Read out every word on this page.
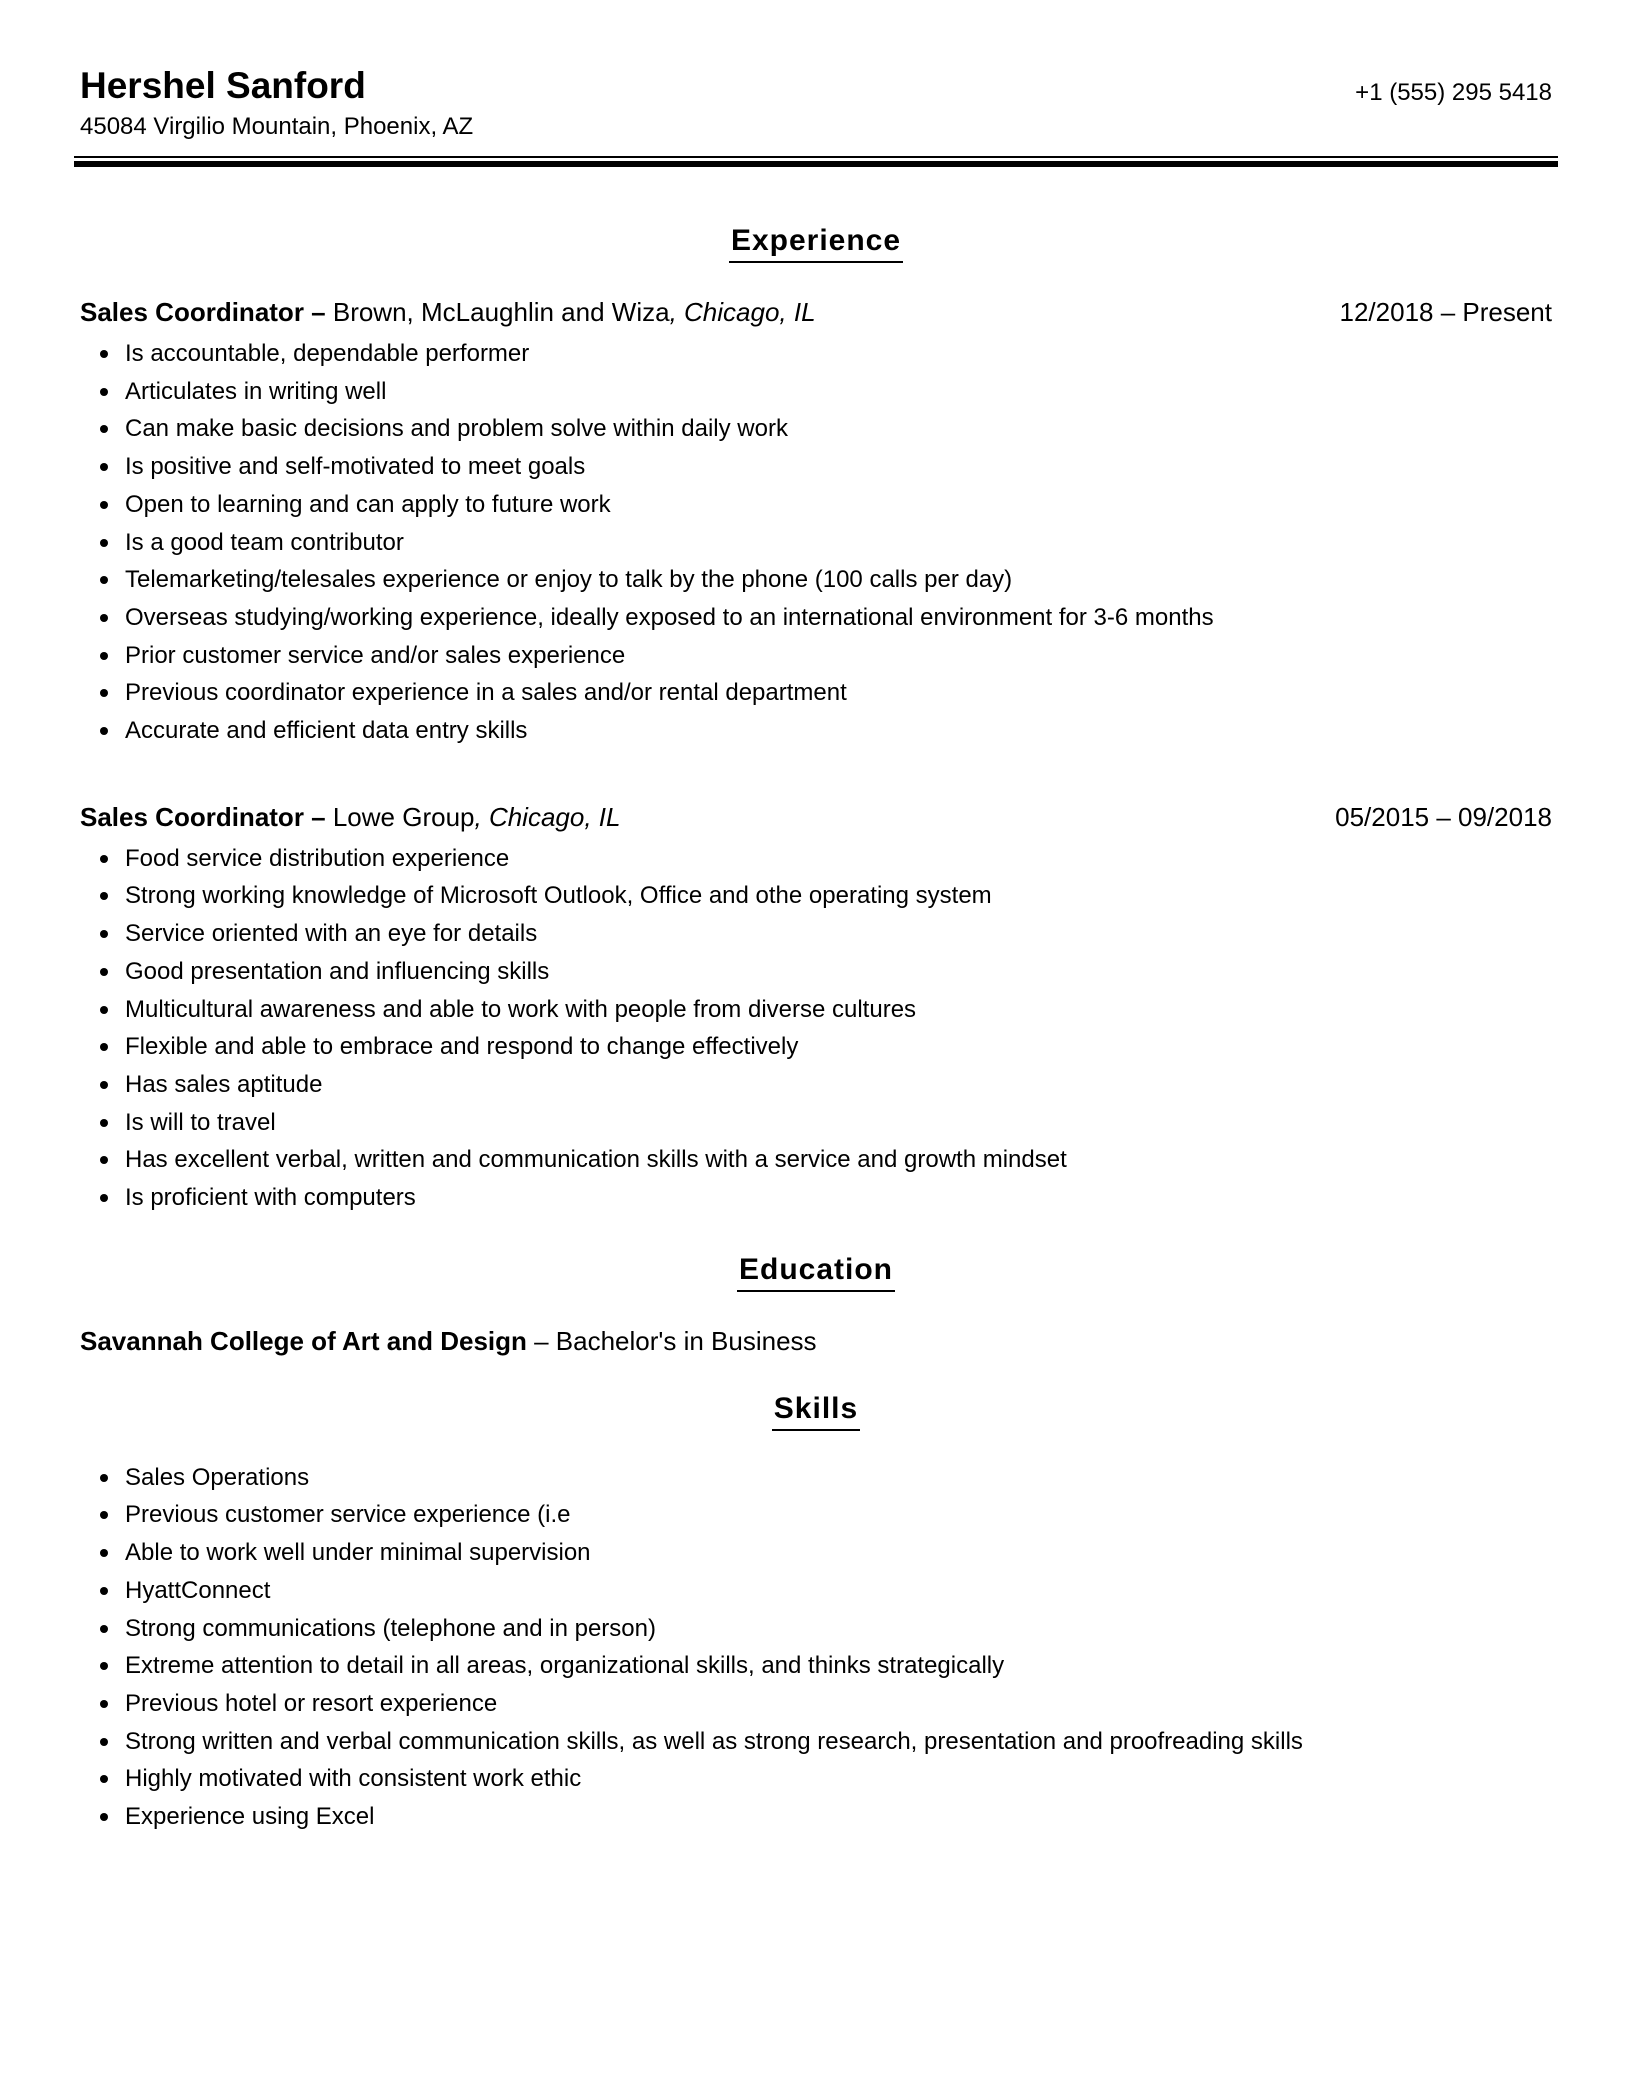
Hershel Sanford
45084 Virgilio Mountain, Phoenix, AZ
+1 (555) 295 5418
Experience
Sales Coordinator – Brown, McLaughlin and Wiza, Chicago, IL	12/2018 – Present
Is accountable, dependable performer
Articulates in writing well
Can make basic decisions and problem solve within daily work
Is positive and self-motivated to meet goals
Open to learning and can apply to future work
Is a good team contributor
Telemarketing/telesales experience or enjoy to talk by the phone (100 calls per day)
Overseas studying/working experience, ideally exposed to an international environment for 3-6 months
Prior customer service and/or sales experience
Previous coordinator experience in a sales and/or rental department
Accurate and efficient data entry skills
Sales Coordinator – Lowe Group, Chicago, IL	05/2015 – 09/2018
Food service distribution experience
Strong working knowledge of Microsoft Outlook, Office and othe operating system
Service oriented with an eye for details
Good presentation and influencing skills
Multicultural awareness and able to work with people from diverse cultures
Flexible and able to embrace and respond to change effectively
Has sales aptitude
Is will to travel
Has excellent verbal, written and communication skills with a service and growth mindset
Is proficient with computers
Education
Savannah College of Art and Design – Bachelor's in Business
Skills
Sales Operations
Previous customer service experience (i.e
Able to work well under minimal supervision
HyattConnect
Strong communications (telephone and in person)
Extreme attention to detail in all areas, organizational skills, and thinks strategically
Previous hotel or resort experience
Strong written and verbal communication skills, as well as strong research, presentation and proofreading skills
Highly motivated with consistent work ethic
Experience using Excel
